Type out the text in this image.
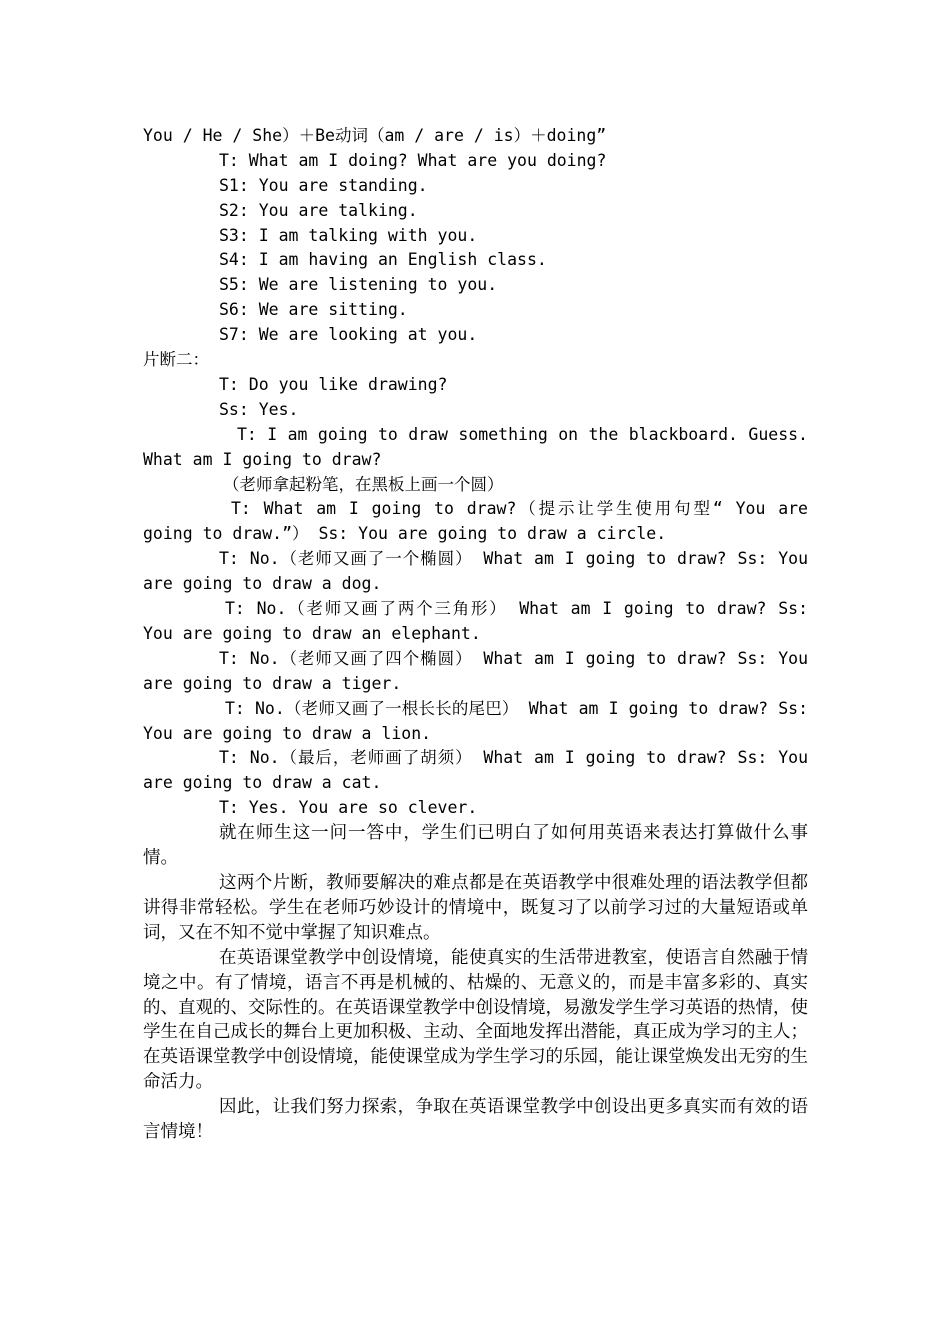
You / He / She）＋Be动词（am / are / is）＋doing”
T: What am I doing? What are you doing?
S1: You are standing.
S2: You are talking.
S3: I am talking with you.
S4: I am having an English class.
S5: We are listening to you.
S6: We are sitting.
S7: We are looking at you.
片断二：
T: Do you like drawing?
Ss: Yes.
T: I am going to draw something on the blackboard. Guess. What am I going to draw?
（老师拿起粉笔，在黑板上画一个圆）
T: What am I going to draw?（提示让学生使用句型“ You are going to draw.”） Ss: You are going to draw a circle.
T: No.（老师又画了一个椭圆） What am I going to draw? Ss: You are going to draw a dog.
T: No.（老师又画了两个三角形） What am I going to draw? Ss: You are going to draw an elephant.
T: No.（老师又画了四个椭圆） What am I going to draw? Ss: You are going to draw a tiger.
T: No.（老师又画了一根长长的尾巴） What am I going to draw? Ss: You are going to draw a lion.
T: No.（最后，老师画了胡须） What am I going to draw? Ss: You are going to draw a cat.
T: Yes. You are so clever.
就在师生这一问一答中，学生们已明白了如何用英语来表达打算做什么事情。
这两个片断，教师要解决的难点都是在英语教学中很难处理的语法教学但都讲得非常轻松。学生在老师巧妙设计的情境中，既复习了以前学习过的大量短语或单词，又在不知不觉中掌握了知识难点。
在英语课堂教学中创设情境，能使真实的生活带进教室，使语言自然融于情境之中。有了情境，语言不再是机械的、枯燥的、无意义的，而是丰富多彩的、真实的、直观的、交际性的。在英语课堂教学中创设情境，易激发学生学习英语的热情，使学生在自己成长的舞台上更加积极、主动、全面地发挥出潜能，真正成为学习的主人；在英语课堂教学中创设情境，能使课堂成为学生学习的乐园，能让课堂焕发出无穷的生命活力。
因此，让我们努力探索，争取在英语课堂教学中创设出更多真实而有效的语言情境！
